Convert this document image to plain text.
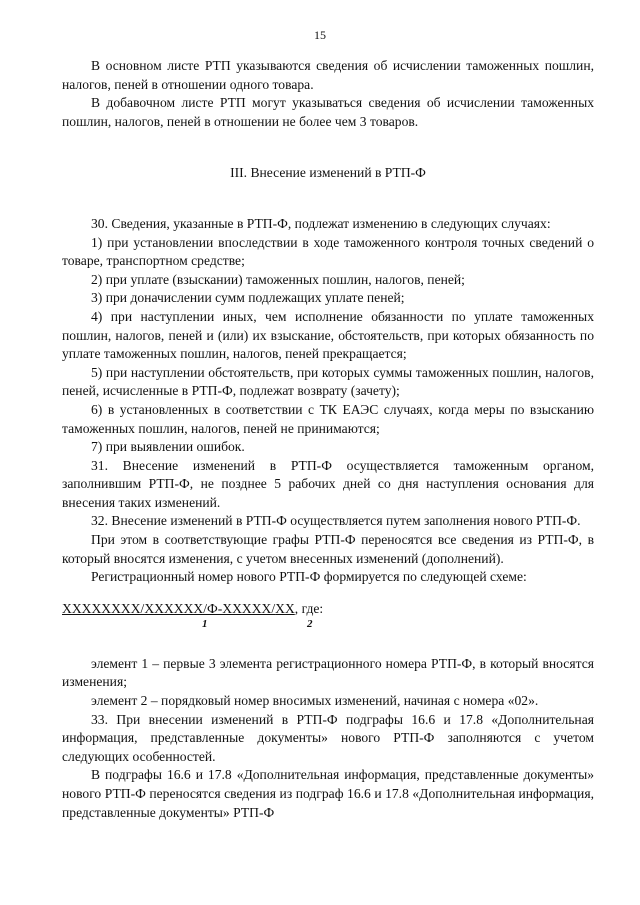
15

В основном листе РТП указываются сведения об исчислении таможенных пошлин, налогов, пеней в отношении одного товара.

В добавочном листе РТП могут указываться сведения об исчислении таможенных пошлин, налогов, пеней в отношении не более чем 3 товаров.

III. Внесение изменений в РТП-Ф

30. Сведения, указанные в РТП-Ф, подлежат изменению в следующих случаях:

1) при установлении впоследствии в ходе таможенного контроля точных сведений о товаре, транспортном средстве;

2) при уплате (взыскании) таможенных пошлин, налогов, пеней;

3) при доначислении сумм подлежащих уплате пеней;

4) при наступлении иных, чем исполнение обязанности по уплате таможенных пошлин, налогов, пеней и (или) их взыскание, обстоятельств, при которых обязанность по уплате таможенных пошлин, налогов, пеней прекращается;

5) при наступлении обстоятельств, при которых суммы таможенных пошлин, налогов, пеней, исчисленные в РТП-Ф, подлежат возврату (зачету);

6) в установленных в соответствии с ТК ЕАЭС случаях, когда меры по взысканию таможенных пошлин, налогов, пеней не принимаются;

7) при выявлении ошибок.

31. Внесение изменений в РТП-Ф осуществляется таможенным органом, заполнившим РТП-Ф, не позднее 5 рабочих дней со дня наступления основания для внесения таких изменений.

32. Внесение изменений в РТП-Ф осуществляется путем заполнения нового РТП-Ф.

При этом в соответствующие графы РТП-Ф переносятся все сведения из РТП-Ф, в который вносятся изменения, с учетом внесенных изменений (дополнений).

Регистрационный номер нового РТП-Ф формируется по следующей схеме:

XXXXXXXX/XXXXXX/Ф-XXXXX/XX, где:
1	2

элемент 1 – первые 3 элемента регистрационного номера РТП-Ф, в который вносятся изменения;

элемент 2 – порядковый номер вносимых изменений, начиная с номера «02».

33. При внесении изменений в РТП-Ф подграфы 16.6 и 17.8 «Дополнительная информация, представленные документы» нового РТП-Ф заполняются с учетом следующих особенностей.

В подграфы 16.6 и 17.8 «Дополнительная информация, представленные документы» нового РТП-Ф переносятся сведения из подграф 16.6 и 17.8 «Дополнительная информация, представленные документы» РТП-Ф
